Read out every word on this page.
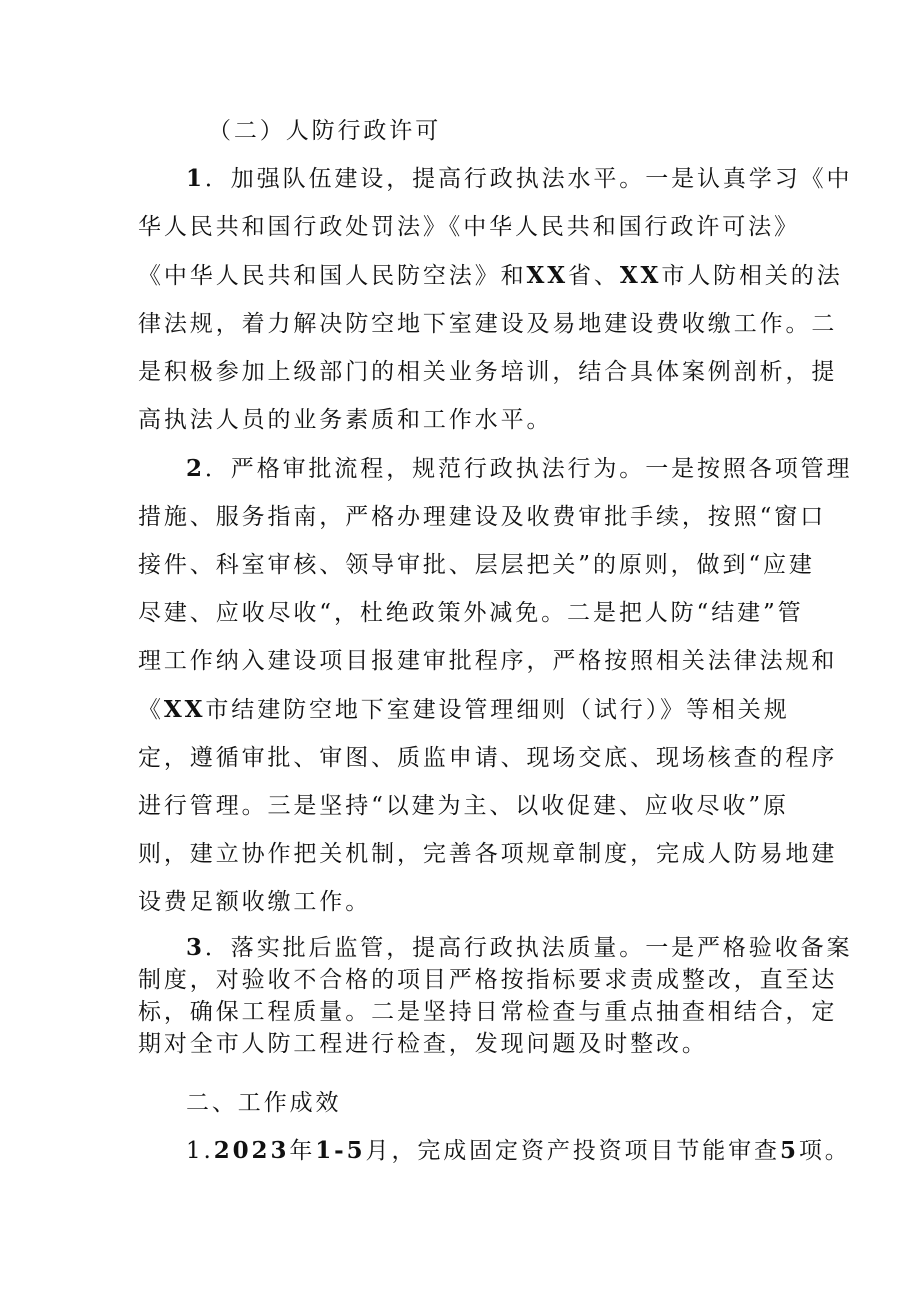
（二）人防行政许可
1．加强队伍建设，提高行政执法水平。一是认真学习《中
华人民共和国行政处罚法》《中华人民共和国行政许可法》
《中华人民共和国人民防空法》和XX省、XX市人防相关的法
律法规，着力解决防空地下室建设及易地建设费收缴工作。二
是积极参加上级部门的相关业务培训，结合具体案例剖析，提
高执法人员的业务素质和工作水平。
2．严格审批流程，规范行政执法行为。一是按照各项管理
措施、服务指南，严格办理建设及收费审批手续，按照“窗口
接件、科室审核、领导审批、层层把关”的原则，做到“应建
尽建、应收尽收“，杜绝政策外减免。二是把人防“结建”管
理工作纳入建设项目报建审批程序，严格按照相关法律法规和
《XX市结建防空地下室建设管理细则（试行）》等相关规
定，遵循审批、审图、质监申请、现场交底、现场核查的程序
进行管理。三是坚持“以建为主、以收促建、应收尽收”原
则，建立协作把关机制，完善各项规章制度，完成人防易地建
设费足额收缴工作。
3．落实批后监管，提高行政执法质量。一是严格验收备案
制度，对验收不合格的项目严格按指标要求责成整改，直至达
标，确保工程质量。二是坚持日常检查与重点抽查相结合，定
期对全市人防工程进行检查，发现问题及时整改。
二、工作成效
1.2023年1-5月，完成固定资产投资项目节能审查5项。
